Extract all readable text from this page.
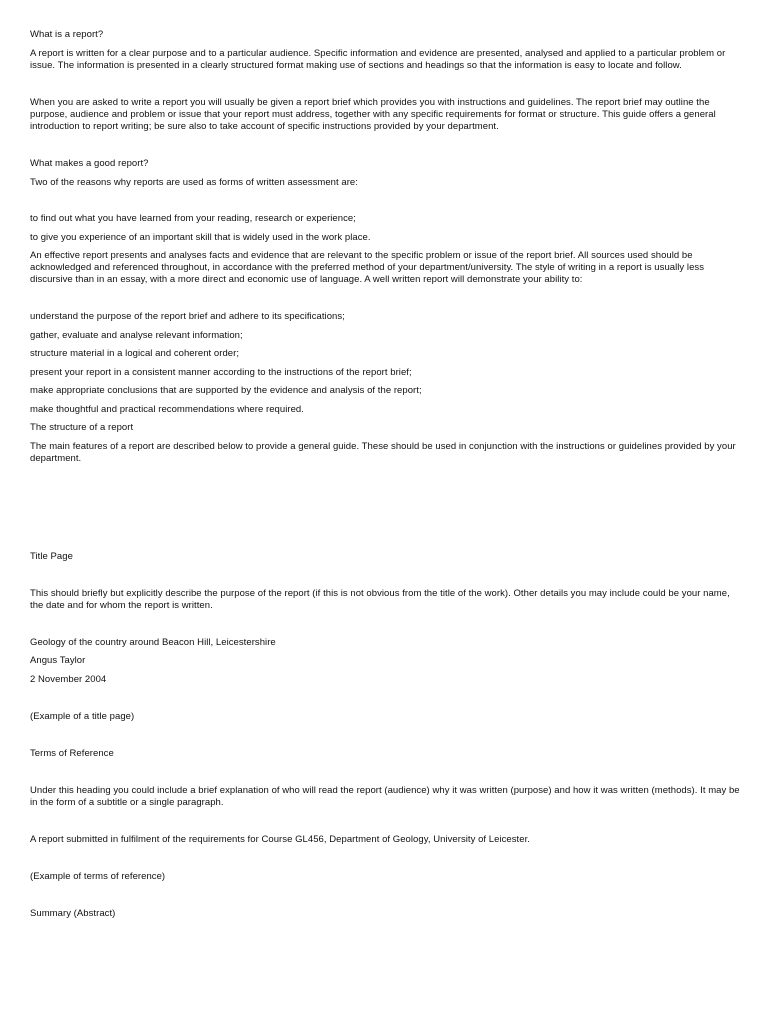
What is a report?

A report is written for a clear purpose and to a particular audience. Specific information and evidence are presented, analysed and applied to a particular problem or issue. The information is presented in a clearly structured format making use of sections and headings so that the information is easy to locate and follow.

When you are asked to write a report you will usually be given a report brief which provides you with instructions and guidelines. The report brief may outline the purpose, audience and problem or issue that your report must address, together with any specific requirements for format or structure. This guide offers a general introduction to report writing; be sure also to take account of specific instructions provided by your department.

What makes a good report?

Two of the reasons why reports are used as forms of written assessment are:

to find out what you have learned from your reading, research or experience;

to give you experience of an important skill that is widely used in the work place.

An effective report presents and analyses facts and evidence that are relevant to the specific problem or issue of the report brief. All sources used should be acknowledged and referenced throughout, in accordance with the preferred method of your department/university. The style of writing in a report is usually less discursive than in an essay, with a more direct and economic use of language. A well written report will demonstrate your ability to:

understand the purpose of the report brief and adhere to its specifications;

gather, evaluate and analyse relevant information;

structure material in a logical and coherent order;

present your report in a consistent manner according to the instructions of the report brief;

make appropriate conclusions that are supported by the evidence and analysis of the report;

make thoughtful and practical recommendations where required.

The structure of a report

The main features of a report are described below to provide a general guide. These should be used in conjunction with the instructions or guidelines provided by your department.

Title Page

This should briefly but explicitly describe the purpose of the report (if this is not obvious from the title of the work). Other details you may include could be your name, the date and for whom the report is written.

Geology of the country around Beacon Hill, Leicestershire

Angus Taylor

2 November 2004

(Example of a title page)

Terms of Reference

Under this heading you could include a brief explanation of who will read the report (audience) why it was written (purpose) and how it was written (methods). It may be in the form of a subtitle or a single paragraph.

A report submitted in fulfilment of the requirements for Course GL456, Department of Geology, University of Leicester.

(Example of terms of reference)

Summary (Abstract)
